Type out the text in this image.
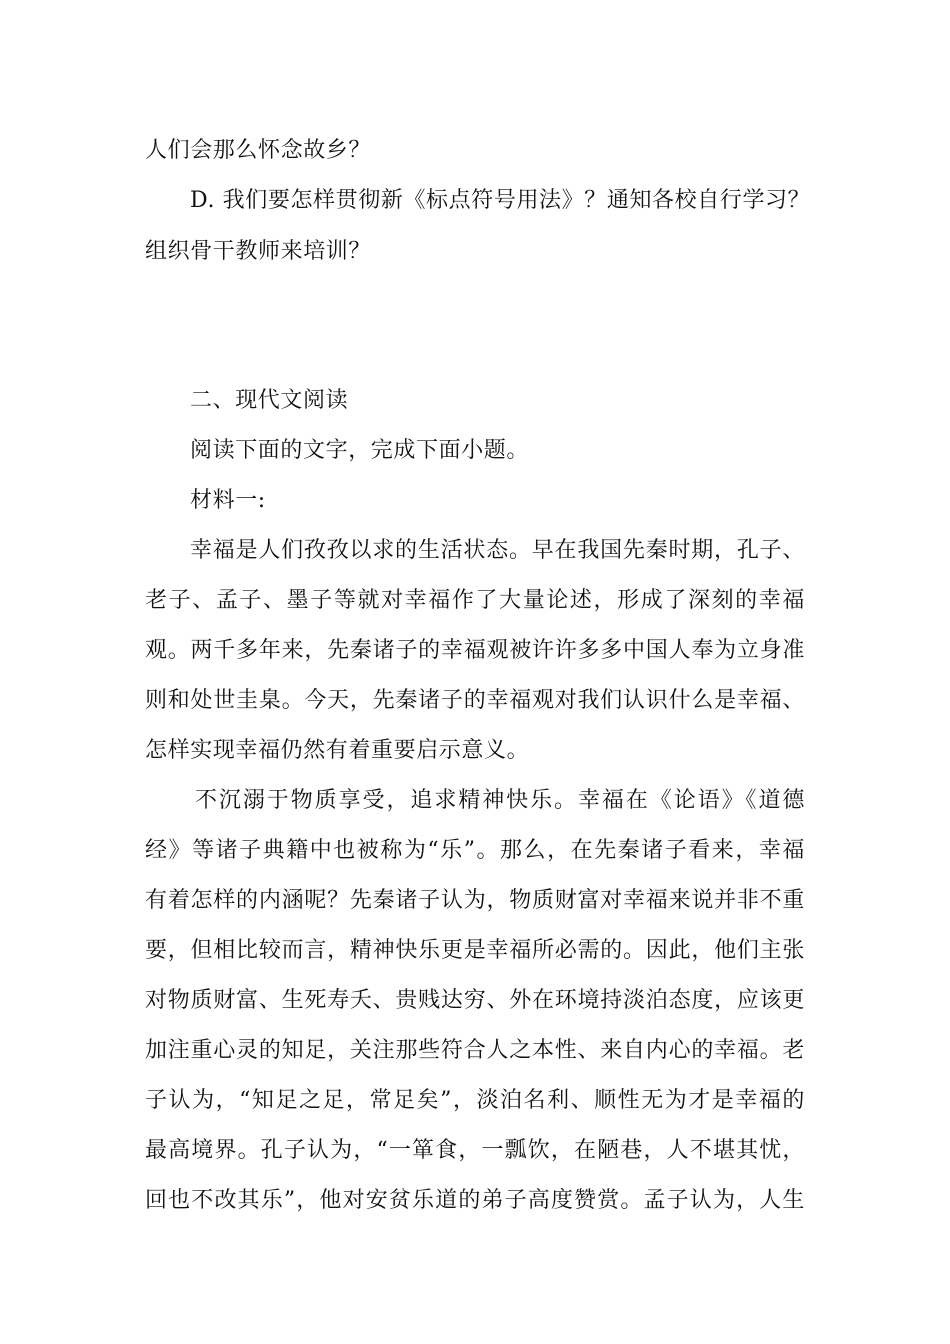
人们会那么怀念故乡？
D. 我们要怎样贯彻新《标点符号用法》？通知各校自行学习？
组织骨干教师来培训？
二、现代文阅读
阅读下面的文字，完成下面小题。
材料一:
幸福是人们孜孜以求的生活状态。早在我国先秦时期，孔子、
老子、孟子、墨子等就对幸福作了大量论述，形成了深刻的幸福
观。两千多年来，先秦诸子的幸福观被许许多多中国人奉为立身准
则和处世圭臬。今天，先秦诸子的幸福观对我们认识什么是幸福、
怎样实现幸福仍然有着重要启示意义。
不沉溺于物质享受，追求精神快乐。幸福在《论语》《道德
经》等诸子典籍中也被称为“乐”。那么，在先秦诸子看来，幸福
有着怎样的内涵呢？先秦诸子认为，物质财富对幸福来说并非不重
要，但相比较而言，精神快乐更是幸福所必需的。因此，他们主张
对物质财富、生死寿夭、贵贱达穷、外在环境持淡泊态度，应该更
加注重心灵的知足，关注那些符合人之本性、来自内心的幸福。老
子认为，“知足之足，常足矣”，淡泊名利、顺性无为才是幸福的
最高境界。孔子认为，“一箪食，一瓢饮，在陋巷，人不堪其忧，
回也不改其乐”，他对安贫乐道的弟子高度赞赏。孟子认为，人生
